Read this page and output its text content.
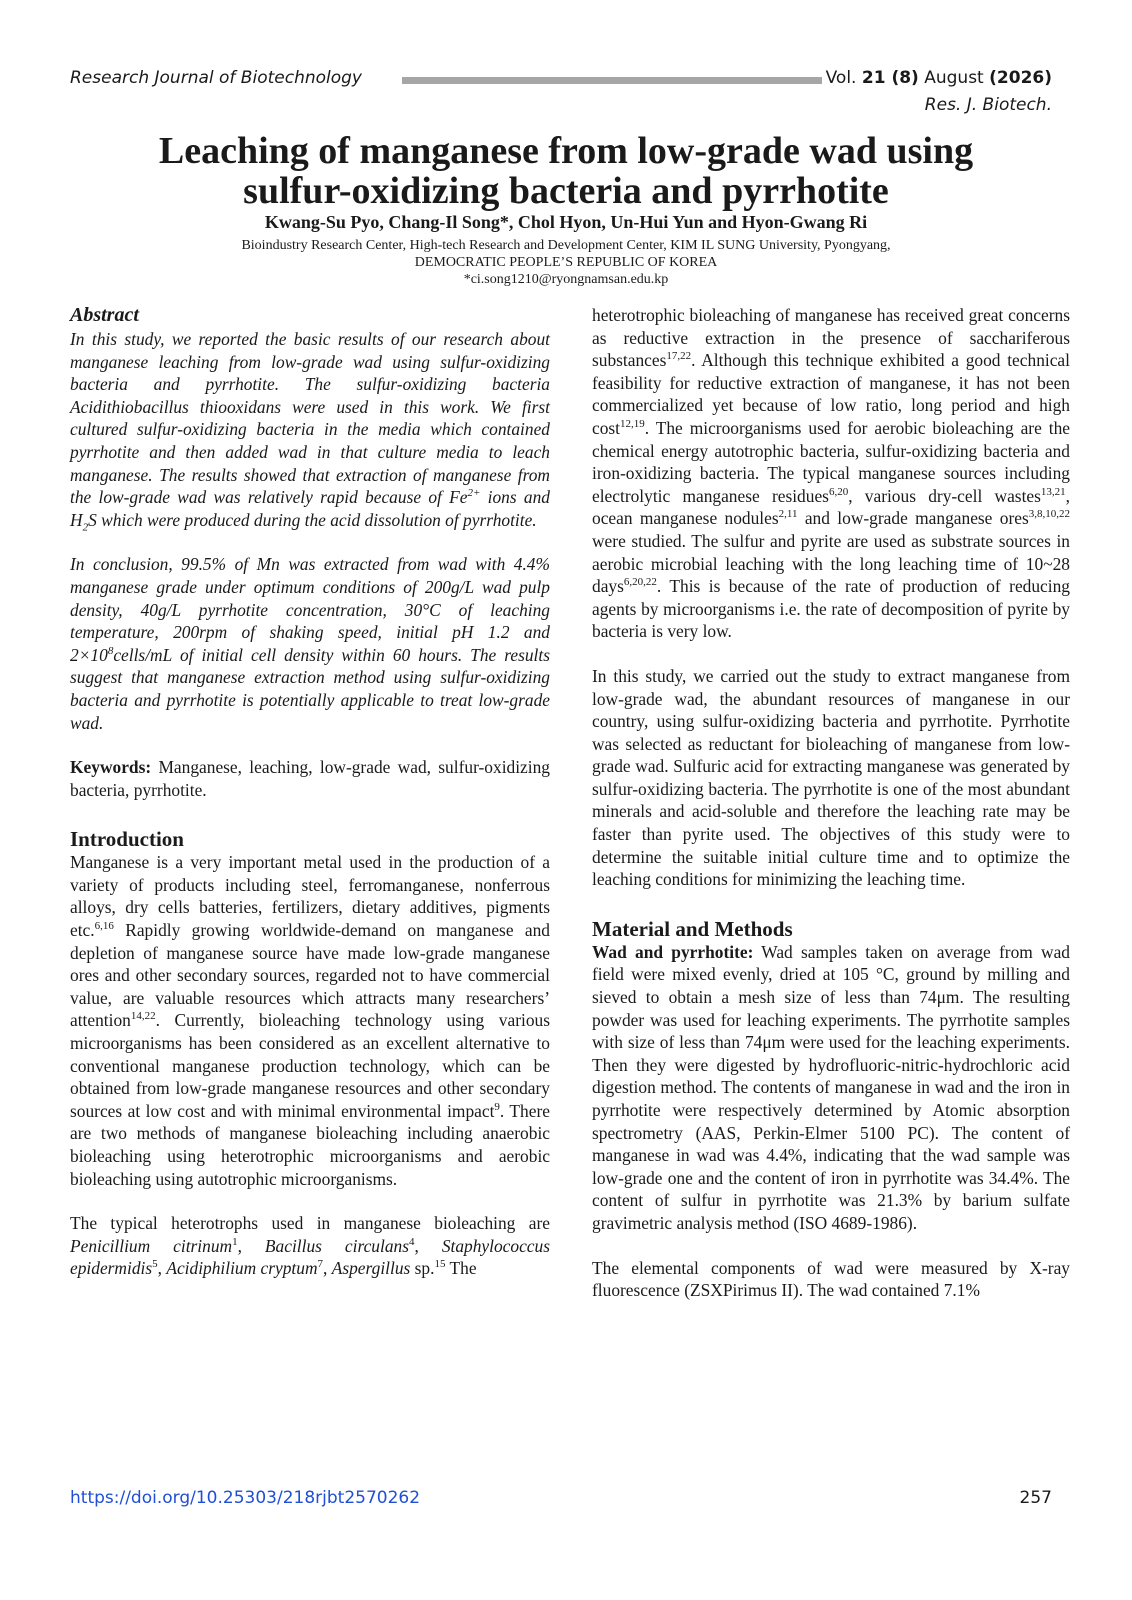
Research Journal of Biotechnology	Vol. 21 (8) August (2026)
Res. J. Biotech.
Leaching of manganese from low-grade wad using
sulfur-oxidizing bacteria and pyrrhotite
Kwang-Su Pyo, Chang-Il Song*, Chol Hyon, Un-Hui Yun and Hyon-Gwang Ri
Bioindustry Research Center, High-tech Research and Development Center, KIM IL SUNG University, Pyongyang,
DEMOCRATIC PEOPLE’S REPUBLIC OF KOREA
*ci.song1210@ryongnamsan.edu.kp
Abstract

In this study, we reported the basic results of our research about manganese leaching from low-grade wad using sulfur-oxidizing bacteria and pyrrhotite. The sulfur-oxidizing bacteria Acidithiobacillus thiooxidans were used in this work. We first cultured sulfur-oxidizing bacteria in the media which contained pyrrhotite and then added wad in that culture media to leach manganese. The results showed that extraction of manganese from the low-grade wad was relatively rapid because of $Fe^{2+}$ ions and $H_2S$ which were produced during the acid dissolution of pyrrhotite.

In conclusion, 99.5% of Mn was extracted from wad with 4.4% manganese grade under optimum conditions of 200g/L wad pulp density, 40g/L pyrrhotite concentration, 30°C of leaching temperature, 200rpm of shaking speed, initial pH 1.2 and $2\times 10^8cells/mL$ of initial cell density within 60 hours. The results suggest that manganese extraction method using sulfur-oxidizing bacteria and pyrrhotite is potentially applicable to treat low-grade wad.

Keywords: Manganese, leaching, low-grade wad, sulfur-oxidizing bacteria, pyrrhotite.

Introduction

Manganese is a very important metal used in the production of a variety of products including steel, ferromanganese, nonferrous alloys, dry cells batteries, fertilizers, dietary additives, pigments etc.$^{6,16}$ Rapidly growing worldwide-demand on manganese and depletion of manganese source have made low-grade manganese ores and other secondary sources, regarded not to have commercial value, are valuable resources which attracts many researchers’ attention$^{14,22}$. Currently, bioleaching technology using various microorganisms has been considered as an excellent alternative to conventional manganese production technology, which can be obtained from low-grade manganese resources and other secondary sources at low cost and with minimal environmental impact$^9$. There are two methods of manganese bioleaching including anaerobic bioleaching using heterotrophic microorganisms and aerobic bioleaching using autotrophic microorganisms.

The typical heterotrophs used in manganese bioleaching are Penicillium citrinum$^1$, Bacillus circulans$^4$, Staphylococcus epidermidis$^5$, Acidiphilium cryptum$^7$, Aspergillus sp.$^{15}$ The

heterotrophic bioleaching of manganese has received great concerns as reductive extraction in the presence of sacchariferous substances$^{17,22}$. Although this technique exhibited a good technical feasibility for reductive extraction of manganese, it has not been commercialized yet because of low ratio, long period and high cost$^{12,19}$. The microorganisms used for aerobic bioleaching are the chemical energy autotrophic bacteria, sulfur-oxidizing bacteria and iron-oxidizing bacteria. The typical manganese sources including electrolytic manganese residues$^{6,20}$, various dry-cell wastes$^{13,21}$, ocean manganese nodules$^{2,11}$ and low-grade manganese ores$^{3,8,10,22}$ were studied. The sulfur and pyrite are used as substrate sources in aerobic microbial leaching with the long leaching time of 10~28 days$^{6,20,22}$. This is because of the rate of production of reducing agents by microorganisms i.e. the rate of decomposition of pyrite by bacteria is very low.

In this study, we carried out the study to extract manganese from low-grade wad, the abundant resources of manganese in our country, using sulfur-oxidizing bacteria and pyrrhotite. Pyrrhotite was selected as reductant for bioleaching of manganese from low-grade wad. Sulfuric acid for extracting manganese was generated by sulfur-oxidizing bacteria. The pyrrhotite is one of the most abundant minerals and acid-soluble and therefore the leaching rate may be faster than pyrite used. The objectives of this study were to determine the suitable initial culture time and to optimize the leaching conditions for minimizing the leaching time.

Material and Methods

Wad and pyrrhotite: Wad samples taken on average from wad field were mixed evenly, dried at 105 °C, ground by milling and sieved to obtain a mesh size of less than 74μm. The resulting powder was used for leaching experiments. The pyrrhotite samples with size of less than 74μm were used for the leaching experiments. Then they were digested by hydrofluoric-nitric-hydrochloric acid digestion method. The contents of manganese in wad and the iron in pyrrhotite were respectively determined by Atomic absorption spectrometry (AAS, Perkin-Elmer 5100 PC). The content of manganese in wad was 4.4%, indicating that the wad sample was low-grade one and the content of iron in pyrrhotite was 34.4%. The content of sulfur in pyrrhotite was 21.3% by barium sulfate gravimetric analysis method (ISO 4689-1986).

The elemental components of wad were measured by X-ray fluorescence (ZSXPirimus II). The wad contained 7.1%

https://doi.org/10.25303/218rjbt2570262	257
